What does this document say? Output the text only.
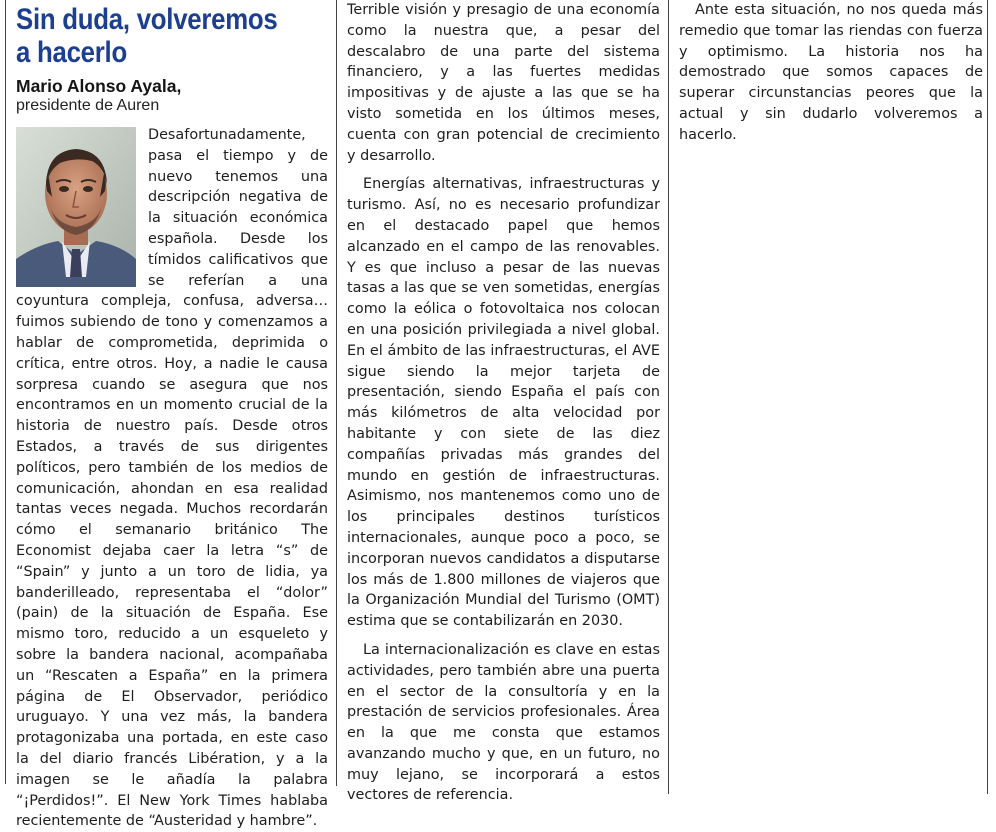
Sin duda, volveremos
a hacerlo
Mario Alonso Ayala,
presidente de Auren

Desafortunadamente, pasa el tiempo y de nuevo tenemos una descripción negativa de la situación económica española. Desde los tímidos calificativos que se referían a una coyuntura compleja, confusa, adversa… fuimos subiendo de tono y comenzamos a hablar de comprometida, deprimida o crítica, entre otros. Hoy, a nadie le causa sorpresa cuando se asegura que nos encontramos en un momento crucial de la historia de nuestro país. Desde otros Estados, a través de sus dirigentes políticos, pero también de los medios de comunicación, ahondan en esa realidad tantas veces negada. Muchos recordarán cómo el semanario británico The Economist dejaba caer la letra “s” de “Spain” y junto a un toro de lidia, ya banderilleado, representaba el “dolor” (pain) de la situación de España. Ese mismo toro, reducido a un esqueleto y sobre la bandera nacional, acompañaba un “Rescaten a España” en la primera página de El Observador, periódico uruguayo. Y una vez más, la bandera protagonizaba una portada, en este caso la del diario francés Libération, y a la imagen se le añadía la palabra “¡Perdidos!”. El New York Times hablaba recientemente de “Austeridad y hambre”.

Terrible visión y presagio de una economía como la nuestra que, a pesar del descalabro de una parte del sistema financiero, y a las fuertes medidas impositivas y de ajuste a las que se ha visto sometida en los últimos meses, cuenta con gran potencial de crecimiento y desarrollo.

Energías alternativas, infraestructuras y turismo. Así, no es necesario profundizar en el destacado papel que hemos alcanzado en el campo de las renovables. Y es que incluso a pesar de las nuevas tasas a las que se ven sometidas, energías como la eólica o fotovoltaica nos colocan en una posición privilegiada a nivel global. En el ámbito de las infraestructuras, el AVE sigue siendo la mejor tarjeta de presentación, siendo España el país con más kilómetros de alta velocidad por habitante y con siete de las diez compañías privadas más grandes del mundo en gestión de infraestructuras. Asimismo, nos mantenemos como uno de los principales destinos turísticos internacionales, aunque poco a poco, se incorporan nuevos candidatos a disputarse los más de 1.800 millones de viajeros que la Organización Mundial del Turismo (OMT) estima que se contabilizarán en 2030.

La internacionalización es clave en estas actividades, pero también abre una puerta en el sector de la consultoría y en la prestación de servicios profesionales. Área en la que me consta que estamos avanzando mucho y que, en un futuro, no muy lejano, se incorporará a estos vectores de referencia.

Ante esta situación, no nos queda más remedio que tomar las riendas con fuerza y optimismo. La historia nos ha demostrado que somos capaces de superar circunstancias peores que la actual y sin dudarlo volveremos a hacerlo.
